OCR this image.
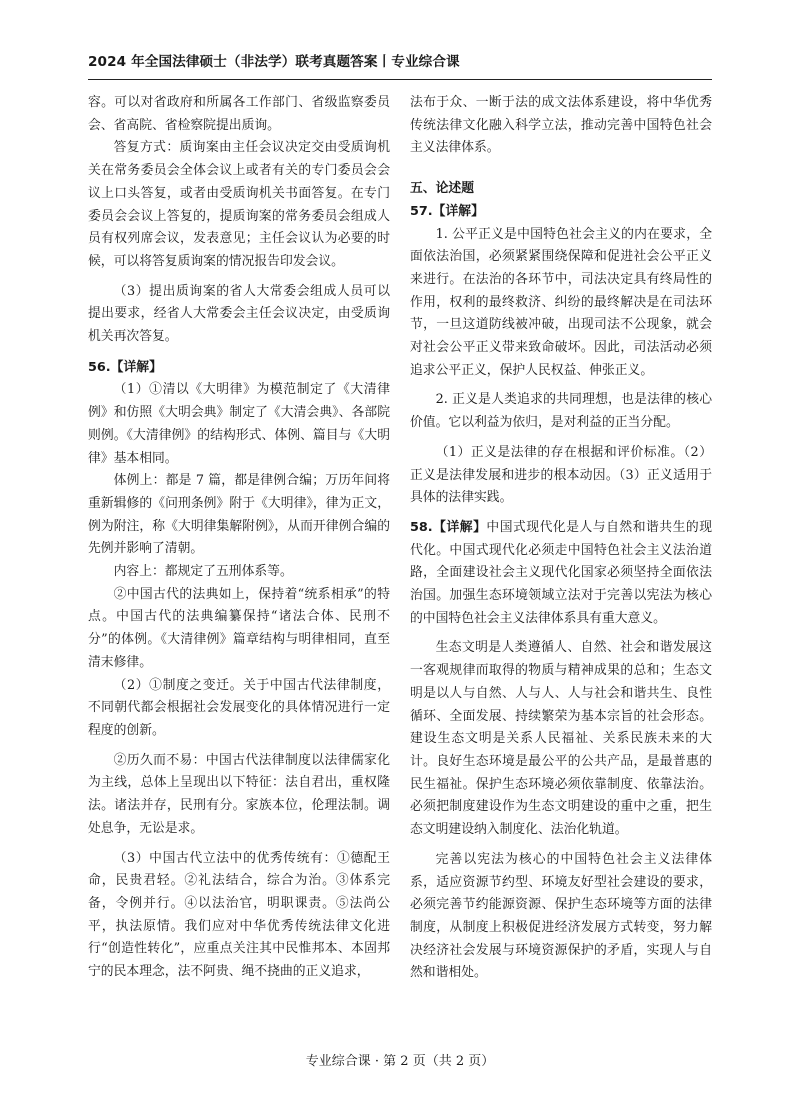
2024 年全国法律硕士（非法学）联考真题答案丨专业综合课

容。可以对省政府和所属各工作部门、省级监察委员会、省高院、省检察院提出质询。

答复方式：质询案由主任会议决定交由受质询机关在常务委员会全体会议上或者有关的专门委员会会议上口头答复，或者由受质询机关书面答复。在专门委员会会议上答复的，提质询案的常务委员会组成人员有权列席会议，发表意见；主任会议认为必要的时候，可以将答复质询案的情况报告印发会议。

（3）提出质询案的省人大常委会组成人员可以提出要求，经省人大常委会主任会议决定，由受质询机关再次答复。

56.【详解】

（1）①清以《大明律》为模范制定了《大清律例》和仿照《大明会典》制定了《大清会典》、各部院则例。《大清律例》的结构形式、体例、篇目与《大明律》基本相同。

体例上：都是 7 篇，都是律例合编；万历年间将重新辑修的《问刑条例》附于《大明律》，律为正文，例为附注，称《大明律集解附例》，从而开律例合编的先例并影响了清朝。

内容上：都规定了五刑体系等。

②中国古代的法典如上，保持着“统系相承”的特点。中国古代的法典编纂保持“诸法合体、民刑不分”的体例。《大清律例》篇章结构与明律相同，直至清末修律。

（2）①制度之变迁。关于中国古代法律制度，不同朝代都会根据社会发展变化的具体情况进行一定程度的创新。

②历久而不易：中国古代法律制度以法律儒家化为主线，总体上呈现出以下特征：法自君出，重权隆法。诸法并存，民刑有分。家族本位，伦理法制。调处息争，无讼是求。

（3）中国古代立法中的优秀传统有：①德配王命，民贵君轻。②礼法结合，综合为治。③体系完备，令例并行。④以法治官，明职课责。⑤法尚公平，执法原情。我们应对中华优秀传统法律文化进行“创造性转化”，应重点关注其中民惟邦本、本固邦宁的民本理念，法不阿贵、绳不挠曲的正义追求，

法布于众、一断于法的成文法体系建设，将中华优秀传统法律文化融入科学立法，推动完善中国特色社会主义法律体系。

五、论述题
57.【详解】

1. 公平正义是中国特色社会主义的内在要求，全面依法治国，必须紧紧围绕保障和促进社会公平正义来进行。在法治的各环节中，司法决定具有终局性的作用，权利的最终救济、纠纷的最终解决是在司法环节，一旦这道防线被冲破，出现司法不公现象，就会对社会公平正义带来致命破坏。因此，司法活动必须追求公平正义，保护人民权益、伸张正义。

2. 正义是人类追求的共同理想，也是法律的核心价值。它以利益为依归，是对利益的正当分配。

（1）正义是法律的存在根据和评价标准。（2）正义是法律发展和进步的根本动因。（3）正义适用于具体的法律实践。

58.【详解】中国式现代化是人与自然和谐共生的现代化。中国式现代化必须走中国特色社会主义法治道路，全面建设社会主义现代化国家必须坚持全面依法治国。加强生态环境领域立法对于完善以宪法为核心的中国特色社会主义法律体系具有重大意义。

生态文明是人类遵循人、自然、社会和谐发展这一客观规律而取得的物质与精神成果的总和；生态文明是以人与自然、人与人、人与社会和谐共生、良性循环、全面发展、持续繁荣为基本宗旨的社会形态。建设生态文明是关系人民福祉、关系民族未来的大计。良好生态环境是最公平的公共产品，是最普惠的民生福祉。保护生态环境必须依靠制度、依靠法治。必须把制度建设作为生态文明建设的重中之重，把生态文明建设纳入制度化、法治化轨道。

完善以宪法为核心的中国特色社会主义法律体系，适应资源节约型、环境友好型社会建设的要求，必须完善节约能源资源、保护生态环境等方面的法律制度，从制度上积极促进经济发展方式转变，努力解决经济社会发展与环境资源保护的矛盾，实现人与自然和谐相处。

专业综合课 · 第 2 页（共 2 页）
